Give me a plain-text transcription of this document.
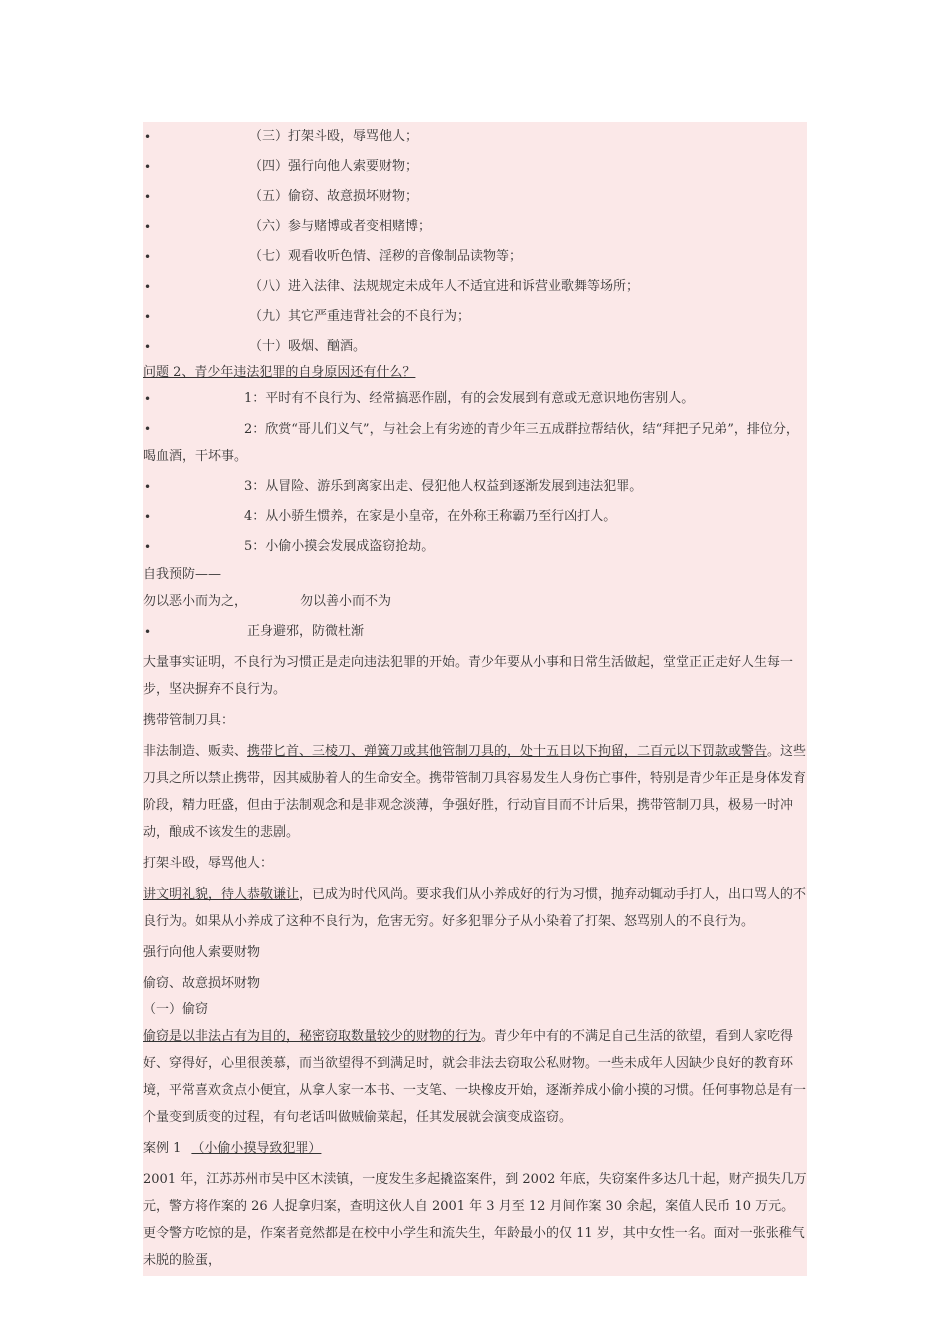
•	（三）打架斗殴，辱骂他人；
•	（四）强行向他人索要财物；
•	（五）偷窃、故意损坏财物；
•	（六）参与赌博或者变相赌博；
•	（七）观看收听色情、淫秽的音像制品读物等；
•	（八）进入法律、法规规定未成年人不适宜进和诉营业歌舞等场所；
•	（九）其它严重违背社会的不良行为；
•	（十）吸烟、酗酒。
问题 2、青少年违法犯罪的自身原因还有什么？
•	1：平时有不良行为、经常搞恶作剧，有的会发展到有意或无意识地伤害别人。
•	2：欣赏“哥儿们义气”，与社会上有劣迹的青少年三五成群拉帮结伙，结“拜把子兄弟”，排位分，喝血酒，干坏事。
•	3：从冒险、游乐到离家出走、侵犯他人权益到逐渐发展到违法犯罪。
•	4：从小骄生惯养，在家是小皇帝，在外称王称霸乃至行凶打人。
•	5：小偷小摸会发展成盗窃抢劫。
自我预防——
勿以恶小而为之，	勿以善小而不为
•	正身避邪，防微杜渐
大量事实证明，不良行为习惯正是走向违法犯罪的开始。青少年要从小事和日常生活做起，堂堂正正走好人生每一步，坚决摒弃不良行为。
携带管制刀具：
非法制造、贩卖、携带匕首、三棱刀、弹簧刀或其他管制刀具的，处十五日以下拘留，二百元以下罚款或警告。这些刀具之所以禁止携带，因其威胁着人的生命安全。携带管制刀具容易发生人身伤亡事件，特别是青少年正是身体发育阶段，精力旺盛，但由于法制观念和是非观念淡薄，争强好胜，行动盲目而不计后果，携带管制刀具，极易一时冲动，酿成不该发生的悲剧。
打架斗殴，辱骂他人：
讲文明礼貌，待人恭敬谦让，已成为时代风尚。要求我们从小养成好的行为习惯，抛弃动辄动手打人，出口骂人的不良行为。如果从小养成了这种不良行为，危害无穷。好多犯罪分子从小染着了打架、怒骂别人的不良行为。
强行向他人索要财物
偷窃、故意损坏财物
（一）偷窃
偷窃是以非法占有为目的，秘密窃取数量较少的财物的行为。青少年中有的不满足自己生活的欲望，看到人家吃得好、穿得好，心里很羡慕，而当欲望得不到满足时，就会非法去窃取公私财物。一些未成年人因缺少良好的教育环境，平常喜欢贪点小便宜，从拿人家一本书、一支笔、一块橡皮开始，逐渐养成小偷小摸的习惯。任何事物总是有一个量变到质变的过程，有句老话叫做贼偷菜起，任其发展就会演变成盗窃。
案例 1 （小偷小摸导致犯罪）
2001 年，江苏苏州市吴中区木渎镇，一度发生多起撬盗案件，到 2002 年底，失窃案件多达几十起，财产损失几万元，警方将作案的 26 人捉拿归案，查明这伙人自 2001 年 3 月至 12 月间作案 30 余起，案值人民币 10 万元。更令警方吃惊的是，作案者竟然都是在校中小学生和流失生，年龄最小的仅 11 岁，其中女性一名。面对一张张稚气未脱的脸蛋，
